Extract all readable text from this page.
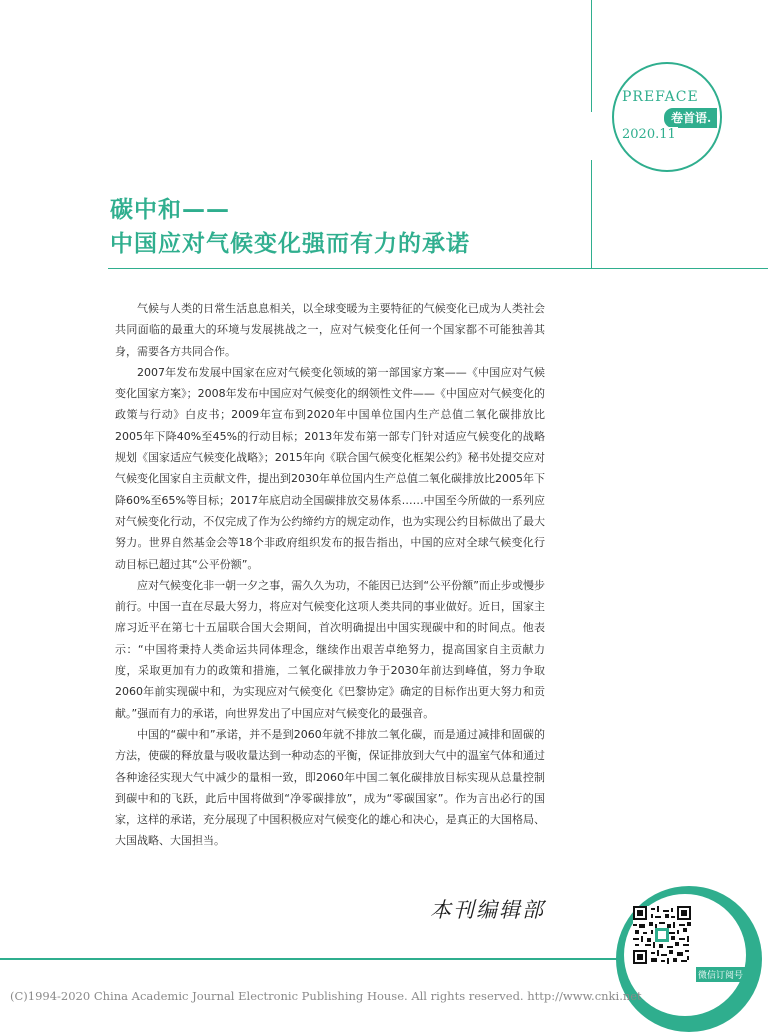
PREFACE
卷首语.
2020.11
碳中和——
中国应对气候变化强而有力的承诺

气候与人类的日常生活息息相关，以全球变暖为主要特征的气候变化已成为人类社会共同面临的最重大的环境与发展挑战之一，应对气候变化任何一个国家都不可能独善其身，需要各方共同合作。

2007年发布发展中国家在应对气候变化领域的第一部国家方案——《中国应对气候变化国家方案》；2008年发布中国应对气候变化的纲领性文件——《中国应对气候变化的政策与行动》白皮书；2009年宣布到2020年中国单位国内生产总值二氧化碳排放比2005年下降40%至45%的行动目标；2013年发布第一部专门针对适应气候变化的战略规划《国家适应气候变化战略》；2015年向《联合国气候变化框架公约》秘书处提交应对气候变化国家自主贡献文件，提出到2030年单位国内生产总值二氧化碳排放比2005年下降60%至65%等目标；2017年底启动全国碳排放交易体系……中国至今所做的一系列应对气候变化行动，不仅完成了作为公约缔约方的规定动作，也为实现公约目标做出了最大努力。世界自然基金会等18个非政府组织发布的报告指出，中国的应对全球气候变化行动目标已超过其“公平份额”。

应对气候变化非一朝一夕之事，需久久为功，不能因已达到“公平份额”而止步或慢步前行。中国一直在尽最大努力，将应对气候变化这项人类共同的事业做好。近日，国家主席习近平在第七十五届联合国大会期间，首次明确提出中国实现碳中和的时间点。他表示：“中国将秉持人类命运共同体理念，继续作出艰苦卓绝努力，提高国家自主贡献力度，采取更加有力的政策和措施，二氧化碳排放力争于2030年前达到峰值，努力争取2060年前实现碳中和，为实现应对气候变化《巴黎协定》确定的目标作出更大努力和贡献。”强而有力的承诺，向世界发出了中国应对气候变化的最强音。

中国的“碳中和”承诺，并不是到2060年就不排放二氧化碳，而是通过减排和固碳的方法，使碳的释放量与吸收量达到一种动态的平衡，保证排放到大气中的温室气体和通过各种途径实现大气中减少的量相一致，即2060年中国二氧化碳排放目标实现从总量控制到碳中和的飞跃，此后中国将做到“净零碳排放”，成为“零碳国家”。作为言出必行的国家，这样的承诺，充分展现了中国积极应对气候变化的雄心和决心，是真正的大国格局、大国战略、大国担当。

本刊编辑部
微信订阅号
(C)1994-2020 China Academic Journal Electronic Publishing House. All rights reserved. http://www.cnki.net
